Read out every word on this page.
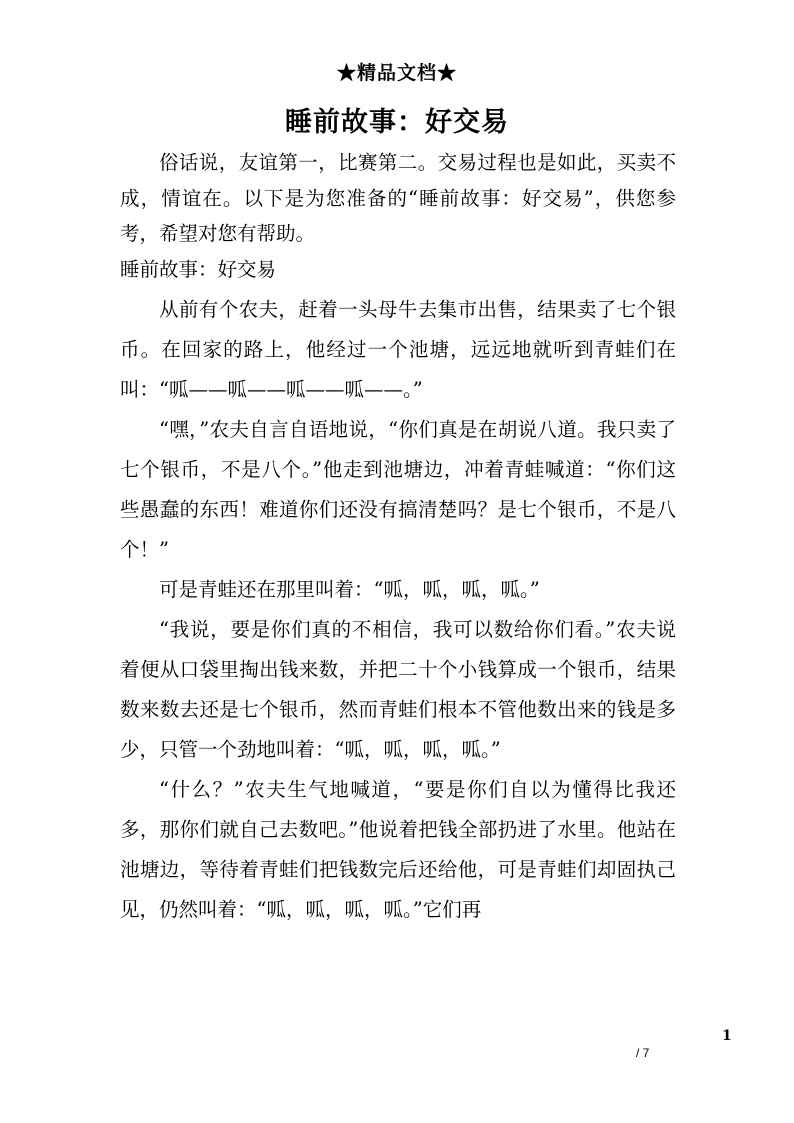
★精品文档★
睡前故事：好交易

俗话说，友谊第一，比赛第二。交易过程也是如此，买卖不成，情谊在。以下是为您准备的“睡前故事：好交易”，供您参考，希望对您有帮助。

睡前故事：好交易

从前有个农夫，赶着一头母牛去集市出售，结果卖了七个银币。在回家的路上，他经过一个池塘，远远地就听到青蛙们在叫：“呱——呱——呱——呱——。”

“嘿，”农夫自言自语地说，“你们真是在胡说八道。我只卖了七个银币，不是八个。”他走到池塘边，冲着青蛙喊道：“你们这些愚蠢的东西！难道你们还没有搞清楚吗？是七个银币，不是八个！”

可是青蛙还在那里叫着：“呱，呱，呱，呱。”

“我说，要是你们真的不相信，我可以数给你们看。”农夫说着便从口袋里掏出钱来数，并把二十个小钱算成一个银币，结果数来数去还是七个银币，然而青蛙们根本不管他数出来的钱是多少，只管一个劲地叫着：“呱，呱，呱，呱。”

“什么？”农夫生气地喊道，“要是你们自以为懂得比我还多，那你们就自己去数吧。”他说着把钱全部扔进了水里。他站在池塘边，等待着青蛙们把钱数完后还给他，可是青蛙们却固执己见，仍然叫着：“呱，呱，呱，呱。”它们再

1
/ 7
